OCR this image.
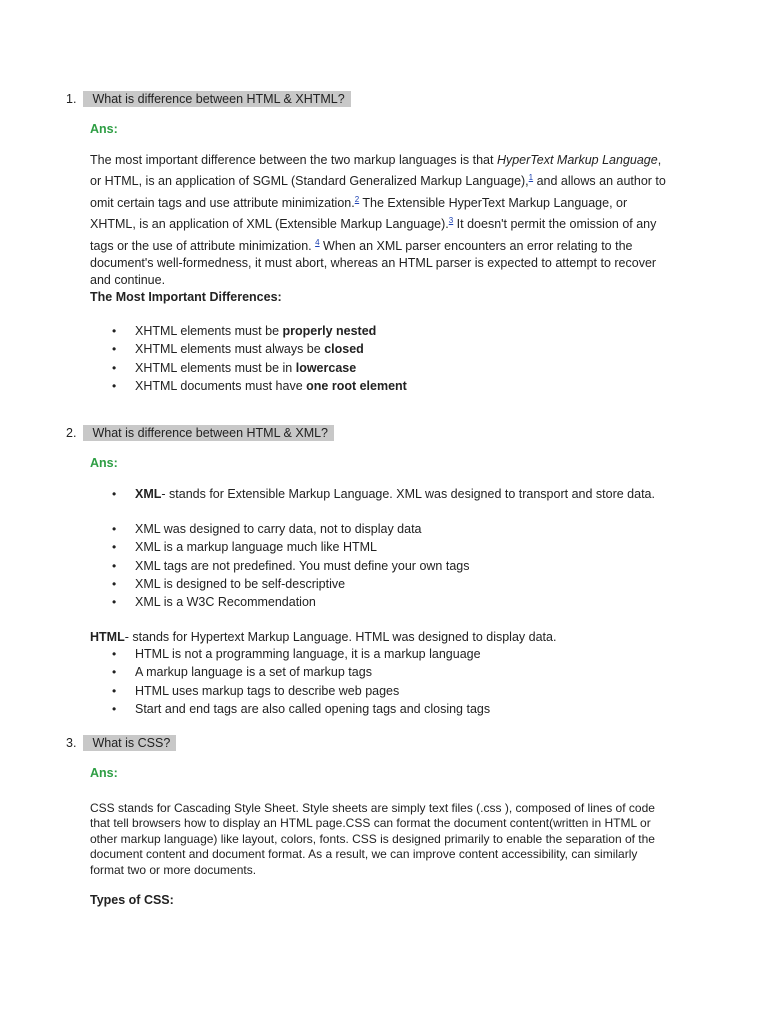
1. What is difference between HTML & XHTML?
Ans:
The most important difference between the two markup languages is that HyperText Markup Language, or HTML, is an application of SGML (Standard Generalized Markup Language),$^1$ and allows an author to omit certain tags and use attribute minimization.$^2$ The Extensible HyperText Markup Language, or XHTML, is an application of XML (Extensible Markup Language).$^3$ It doesn't permit the omission of any tags or the use of attribute minimization. $^4$ When an XML parser encounters an error relating to the document's well-formedness, it must abort, whereas an HTML parser is expected to attempt to recover and continue.
The Most Important Differences:
• XHTML elements must be properly nested
• XHTML elements must always be closed
• XHTML elements must be in lowercase
• XHTML documents must have one root element
2. What is difference between HTML & XML?
Ans:
• XML- stands for Extensible Markup Language. XML was designed to transport and store data.
• XML was designed to carry data, not to display data
• XML is a markup language much like HTML
• XML tags are not predefined. You must define your own tags
• XML is designed to be self-descriptive
• XML is a W3C Recommendation
HTML- stands for Hypertext Markup Language. HTML was designed to display data.
• HTML is not a programming language, it is a markup language
• A markup language is a set of markup tags
• HTML uses markup tags to describe web pages
• Start and end tags are also called opening tags and closing tags
3. What is CSS?
Ans:
CSS stands for Cascading Style Sheet. Style sheets are simply text files (.css ), composed of lines of code that tell browsers how to display an HTML page.CSS can format the document content(written in HTML or other markup language) like layout, colors, fonts. CSS is designed primarily to enable the separation of the document content and document format. As a result, we can improve content accessibility, can similarly format two or more documents.
Types of CSS:
